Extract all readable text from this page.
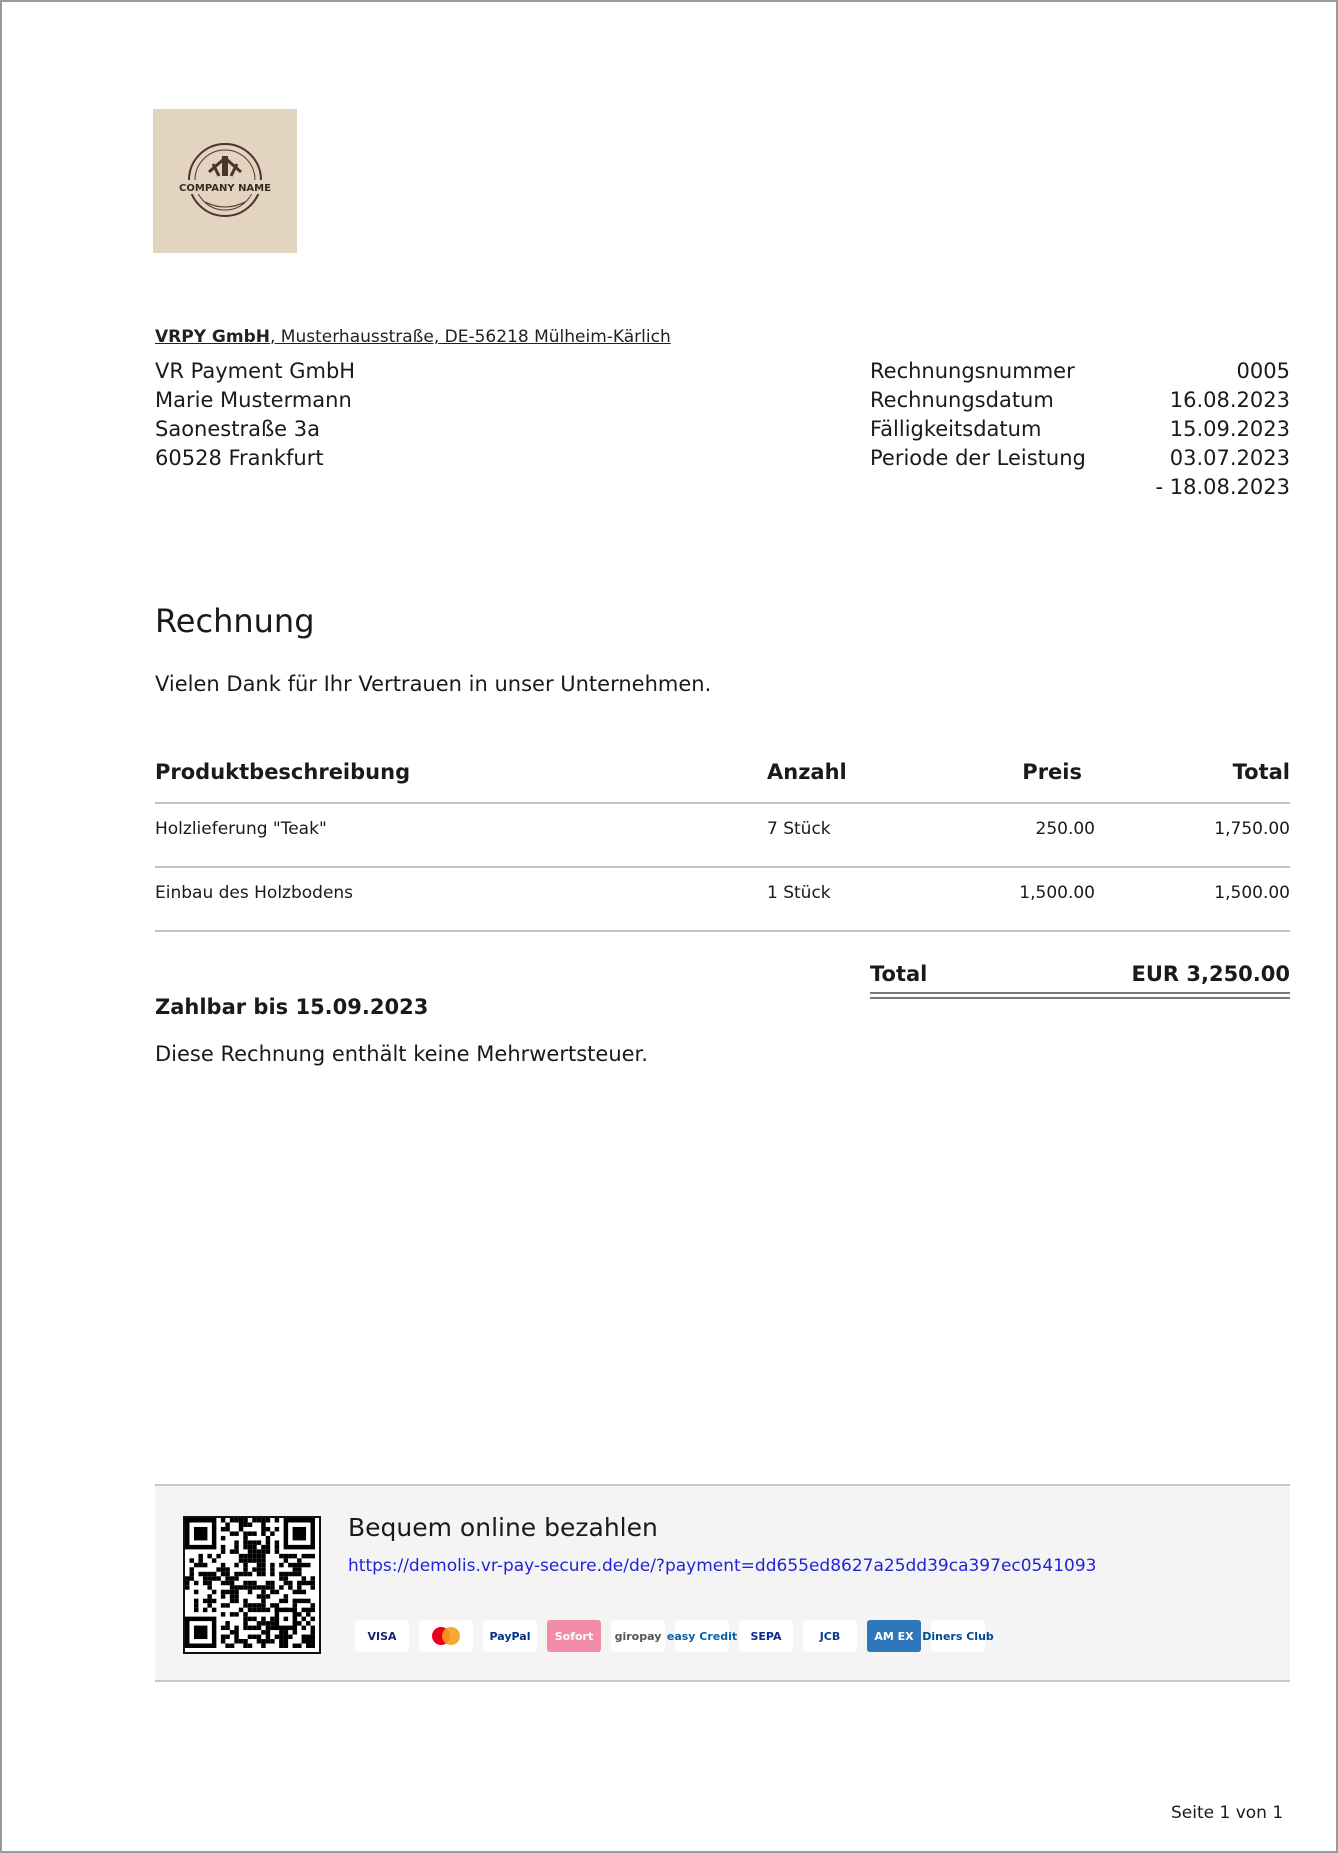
COMPANY NAME
VRPY GmbH, Musterhausstraße, DE-56218 Mülheim-Kärlich
VR Payment GmbH
Marie Mustermann
Saonestraße 3a
60528 Frankfurt
Rechnungsnummer	0005
Rechnungsdatum	16.08.2023
Fälligkeitsdatum	15.09.2023
Periode der Leistung	03.07.2023
- 18.08.2023
Rechnung
Vielen Dank für Ihr Vertrauen in unser Unternehmen.
Produktbeschreibung	Anzahl	Preis	Total
Holzlieferung "Teak"	7 Stück	250.00	1,750.00
Einbau des Holzbodens	1 Stück	1,500.00	1,500.00
Total	EUR 3,250.00
Zahlbar bis 15.09.2023
Diese Rechnung enthält keine Mehrwertsteuer.
Bequem online bezahlen
https://demolis.vr-pay-secure.de/de/?payment=dd655ed8627a25dd39ca397ec0541093
VISA	PayPal Sofort giropay easy Credit SEPA	JCB	AM EX Diners Club
Seite 1 von 1
